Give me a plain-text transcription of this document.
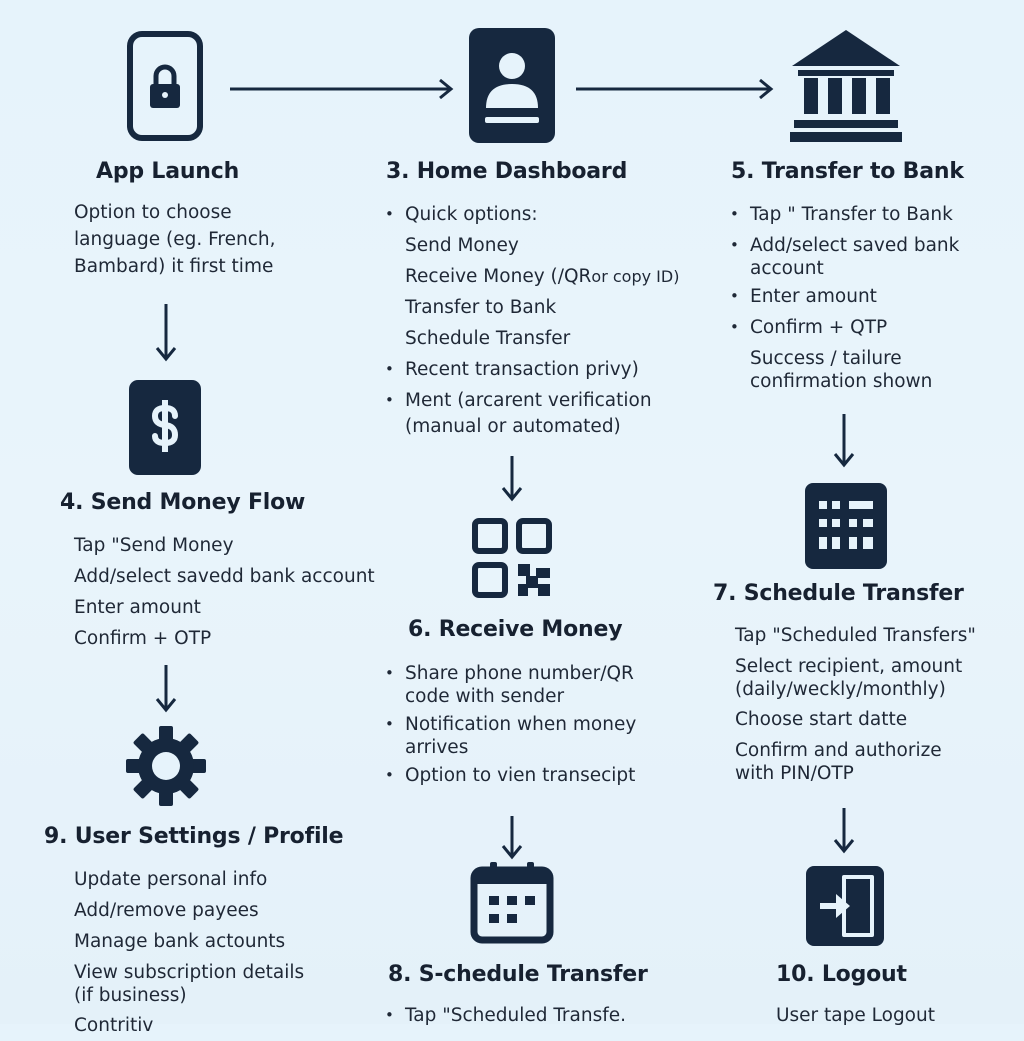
App Launch	3. Home Dashboard	5. Transfer to Bank
4. Send Money Flow
6. Receive Money
7. Schedule Transfer
9. User Settings / Profile
8. S-chedule Transfer	10. Logout
Option to choose
language (eg. French,
Bambard) it first time
• Quick options:
Send Money
Receive Money (/QRor copy ID)
Transfer to Bank
Schedule Transfer
• Recent transaction privy)
• Ment (arcarent verification
(manual or automated)
• Tap " Transfer to Bank
• Add/select saved bank
account
• Enter amount
• Confirm + QTP
Success / tailure
confirmation shown
Tap "Send Money
Add/select savedd bank account
Enter amount
Confirm + OTP
• Share phone number/QR
code with sender
• Notification when money
arrives
• Option to vien transecipt
Tap "Scheduled Transfers"
Select recipient, amount
(daily/weckly/monthly)
Choose start datte
Confirm and authorize
with PIN/OTP
Update personal info
Add/remove payees
Manage bank actounts
View subscription details
(if business)
Contritiv
•	Tap "Scheduled Transfe.	User tape Logout
